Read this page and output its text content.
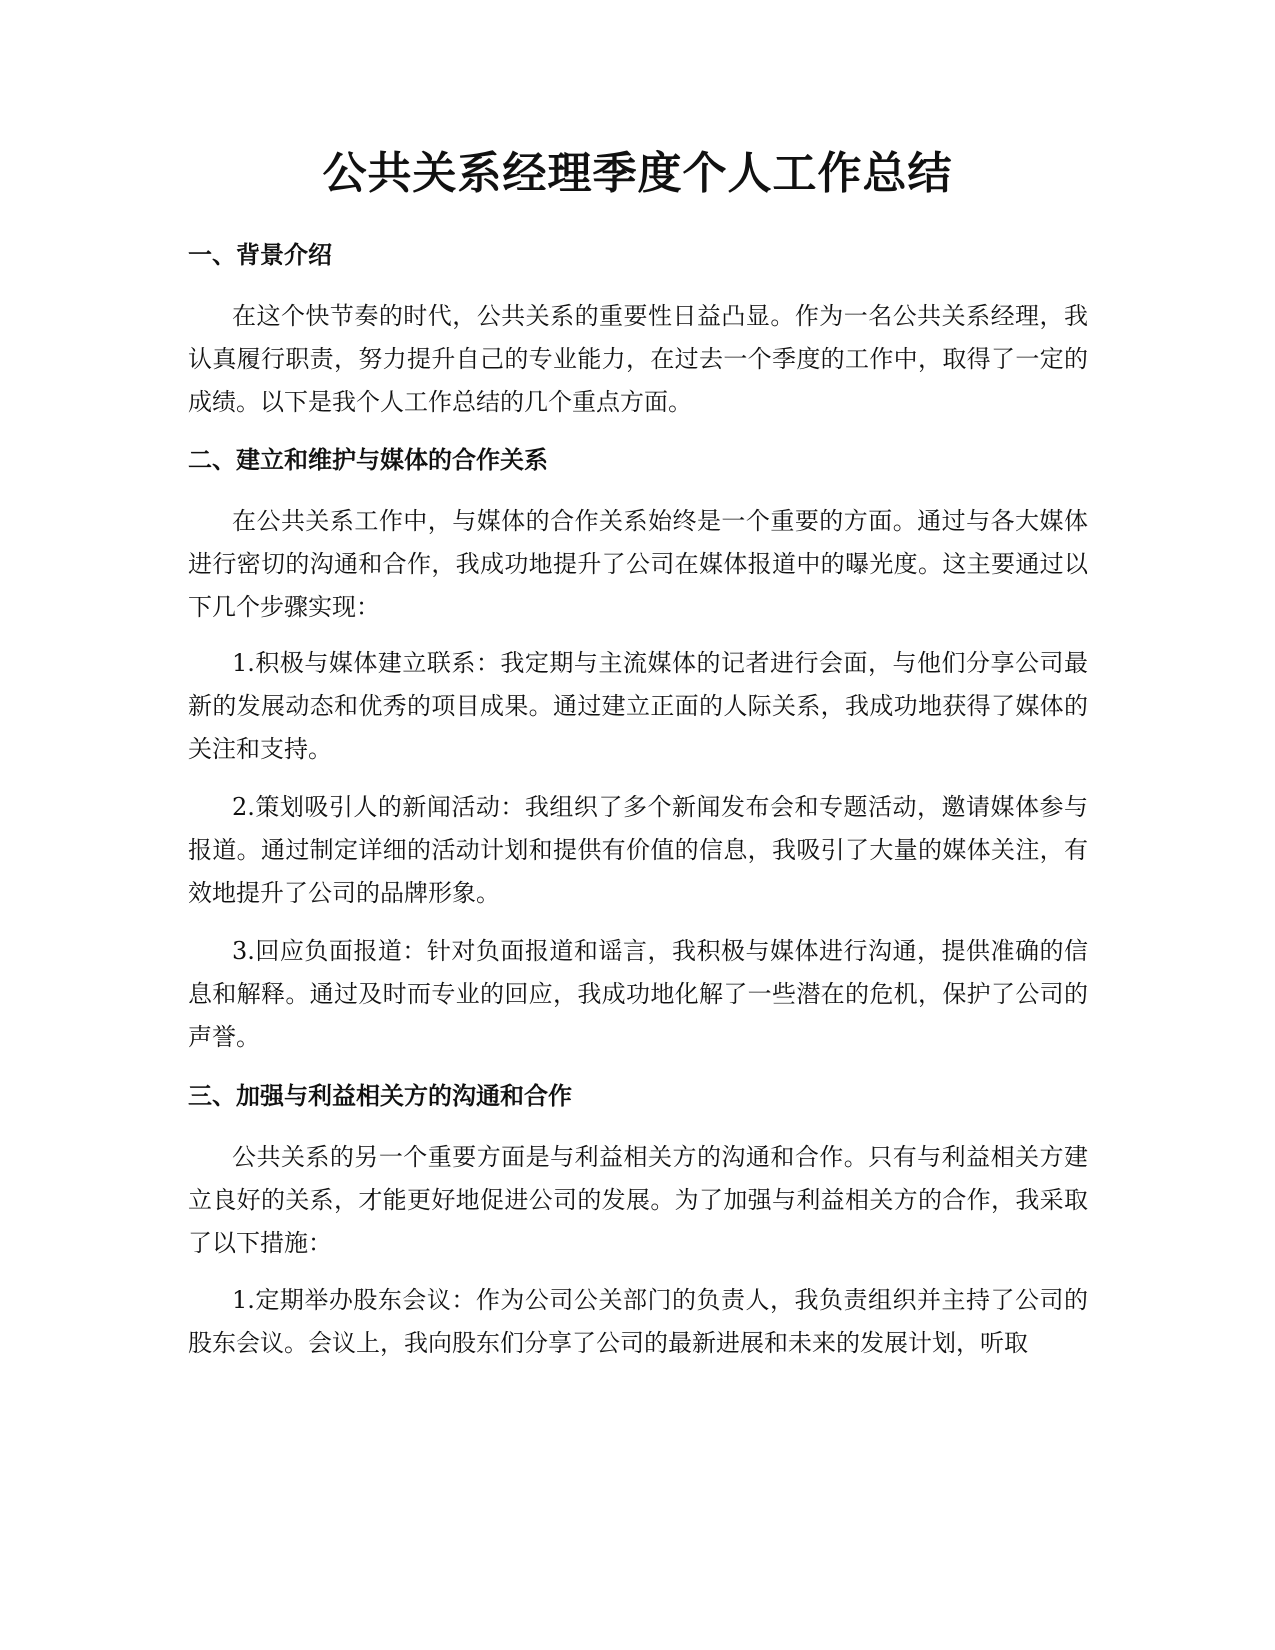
公共关系经理季度个人工作总结
一、背景介绍

在这个快节奏的时代，公共关系的重要性日益凸显。作为一名公共关系经理，我认真履行职责，努力提升自己的专业能力，在过去一个季度的工作中，取得了一定的成绩。以下是我个人工作总结的几个重点方面。

二、建立和维护与媒体的合作关系

在公共关系工作中，与媒体的合作关系始终是一个重要的方面。通过与各大媒体进行密切的沟通和合作，我成功地提升了公司在媒体报道中的曝光度。这主要通过以下几个步骤实现：

1.积极与媒体建立联系：我定期与主流媒体的记者进行会面，与他们分享公司最新的发展动态和优秀的项目成果。通过建立正面的人际关系，我成功地获得了媒体的关注和支持。

2.策划吸引人的新闻活动：我组织了多个新闻发布会和专题活动，邀请媒体参与报道。通过制定详细的活动计划和提供有价值的信息，我吸引了大量的媒体关注，有效地提升了公司的品牌形象。

3.回应负面报道：针对负面报道和谣言，我积极与媒体进行沟通，提供准确的信息和解释。通过及时而专业的回应，我成功地化解了一些潜在的危机，保护了公司的声誉。

三、加强与利益相关方的沟通和合作

公共关系的另一个重要方面是与利益相关方的沟通和合作。只有与利益相关方建立良好的关系，才能更好地促进公司的发展。为了加强与利益相关方的合作，我采取了以下措施：

1.定期举办股东会议：作为公司公关部门的负责人，我负责组织并主持了公司的股东会议。会议上，我向股东们分享了公司的最新进展和未来的发展计划，听取
